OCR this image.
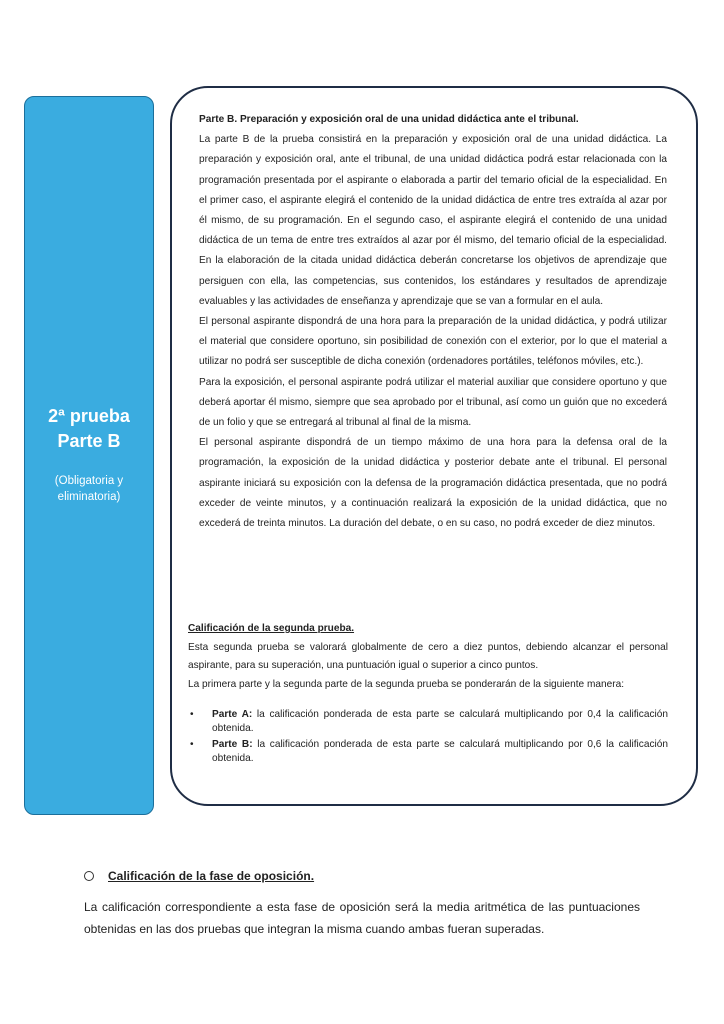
2ª prueba
Parte B
(Obligatoria y
eliminatoria)

Parte B. Preparación y exposición oral de una unidad didáctica ante el tribunal.

La parte B de la prueba consistirá en la preparación y exposición oral de una unidad didáctica. La preparación y exposición oral, ante el tribunal, de una unidad didáctica podrá estar relacionada con la programación presentada por el aspirante o elaborada a partir del temario oficial de la especialidad. En el primer caso, el aspirante elegirá el contenido de la unidad didáctica de entre tres extraída al azar por él mismo, de su programación. En el segundo caso, el aspirante elegirá el contenido de una unidad didáctica de un tema de entre tres extraídos al azar por él mismo, del temario oficial de la especialidad. En la elaboración de la citada unidad didáctica deberán concretarse los objetivos de aprendizaje que persiguen con ella, las competencias, sus contenidos, los estándares y resultados de aprendizaje evaluables y las actividades de enseñanza y aprendizaje que se van a formular en el aula.

El personal aspirante dispondrá de una hora para la preparación de la unidad didáctica, y podrá utilizar el material que considere oportuno, sin posibilidad de conexión con el exterior, por lo que el material a utilizar no podrá ser susceptible de dicha conexión (ordenadores portátiles, teléfonos móviles, etc.).

Para la exposición, el personal aspirante podrá utilizar el material auxiliar que considere oportuno y que deberá aportar él mismo, siempre que sea aprobado por el tribunal, así como un guión que no excederá de un folio y que se entregará al tribunal al final de la misma.

El personal aspirante dispondrá de un tiempo máximo de una hora para la defensa oral de la programación, la exposición de la unidad didáctica y posterior debate ante el tribunal. El personal aspirante iniciará su exposición con la defensa de la programación didáctica presentada, que no podrá exceder de veinte minutos, y a continuación realizará la exposición de la unidad didáctica, que no excederá de treinta minutos. La duración del debate, o en su caso, no podrá exceder de diez minutos.

Calificación de la segunda prueba.

Esta segunda prueba se valorará globalmente de cero a diez puntos, debiendo alcanzar el personal aspirante, para su superación, una puntuación igual o superior a cinco puntos.

La primera parte y la segunda parte de la segunda prueba se ponderarán de la siguiente manera:

• Parte A: la calificación ponderada de esta parte se calculará multiplicando por 0,4 la calificación obtenida.
• Parte B: la calificación ponderada de esta parte se calculará multiplicando por 0,6 la calificación obtenida.
Calificación de la fase de oposición.
La calificación correspondiente a esta fase de oposición será la media aritmética de las puntuaciones obtenidas en las dos pruebas que integran la misma cuando ambas fueran superadas.
